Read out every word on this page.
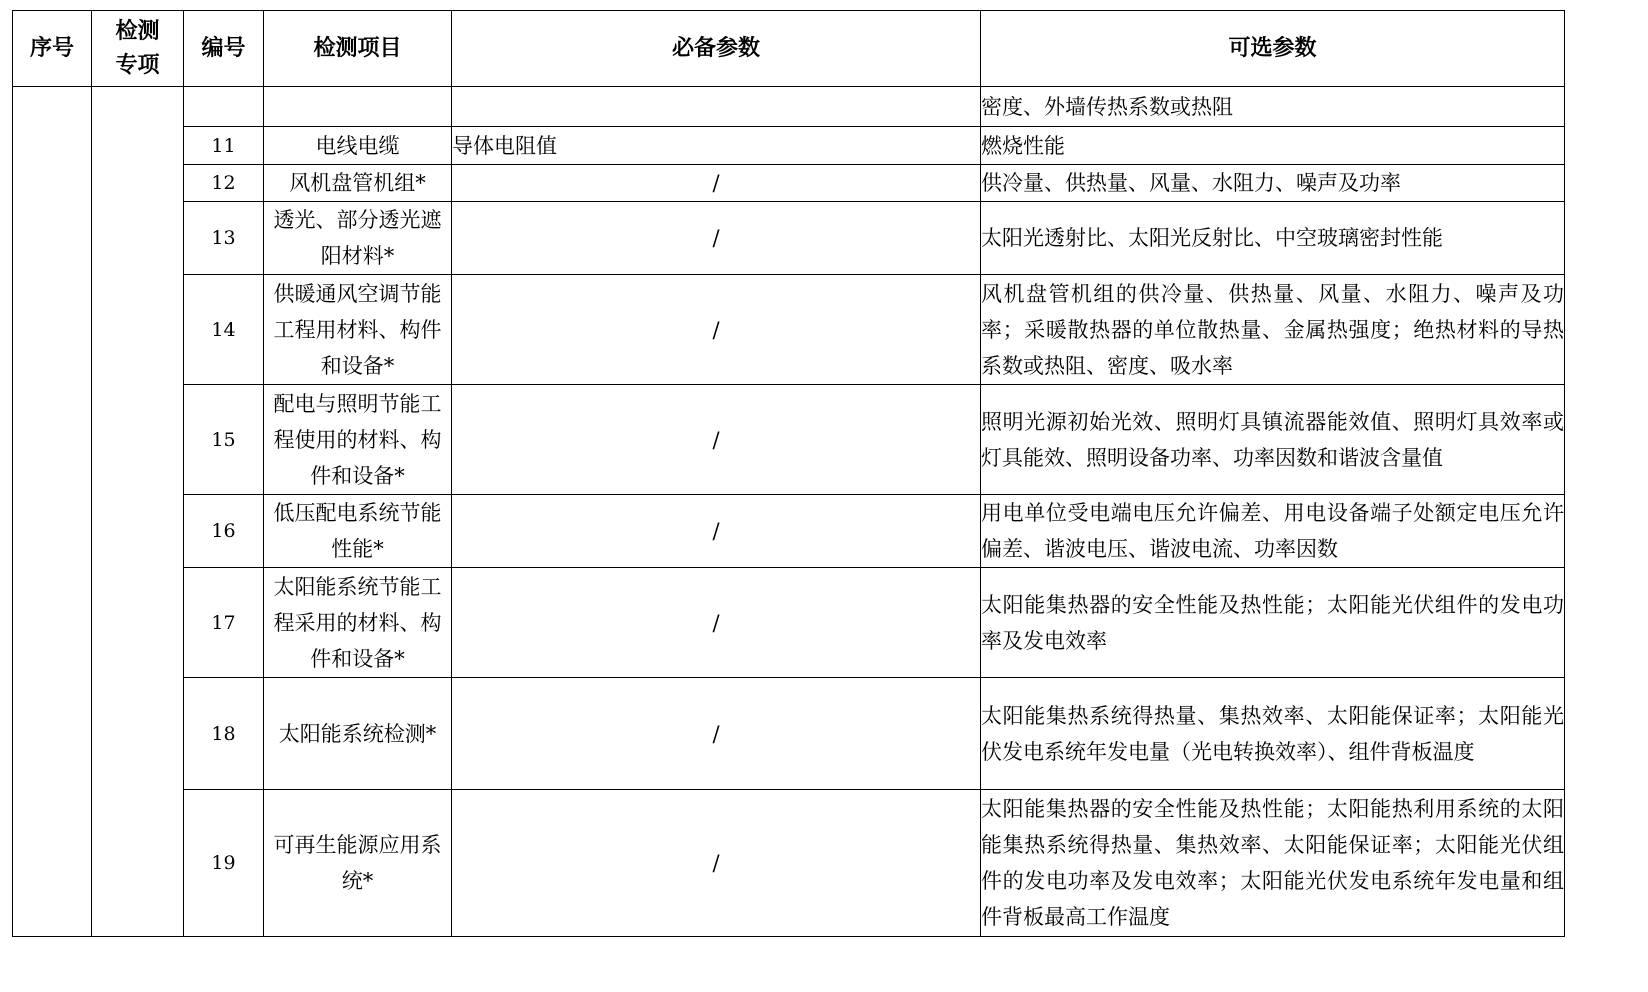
序号	检测专项	编号	检测项目	必备参数	可选参数
					密度、外墙传热系数或热阻
		11	电线电缆	导体电阻值	燃烧性能
		12	风机盘管机组*	/	供冷量、供热量、风量、水阻力、噪声及功率
		13	透光、部分透光遮阳材料*	/	太阳光透射比、太阳光反射比、中空玻璃密封性能
		14	供暖通风空调节能工程用材料、构件和设备*	/	风机盘管机组的供冷量、供热量、风量、水阻力、噪声及功率；采暖散热器的单位散热量、金属热强度；绝热材料的导热系数或热阻、密度、吸水率
		15	配电与照明节能工程使用的材料、构件和设备*	/	照明光源初始光效、照明灯具镇流器能效值、照明灯具效率或灯具能效、照明设备功率、功率因数和谐波含量值
		16	低压配电系统节能性能*	/	用电单位受电端电压允许偏差、用电设备端子处额定电压允许偏差、谐波电压、谐波电流、功率因数
		17	太阳能系统节能工程采用的材料、构件和设备*	/	太阳能集热器的安全性能及热性能；太阳能光伏组件的发电功率及发电效率
		18	太阳能系统检测*	/	太阳能集热系统得热量、集热效率、太阳能保证率；太阳能光伏发电系统年发电量（光电转换效率）、组件背板温度
		19	可再生能源应用系统*	/	太阳能集热器的安全性能及热性能；太阳能热利用系统的太阳能集热系统得热量、集热效率、太阳能保证率；太阳能光伏组件的发电功率及发电效率；太阳能光伏发电系统年发电量和组件背板最高工作温度
